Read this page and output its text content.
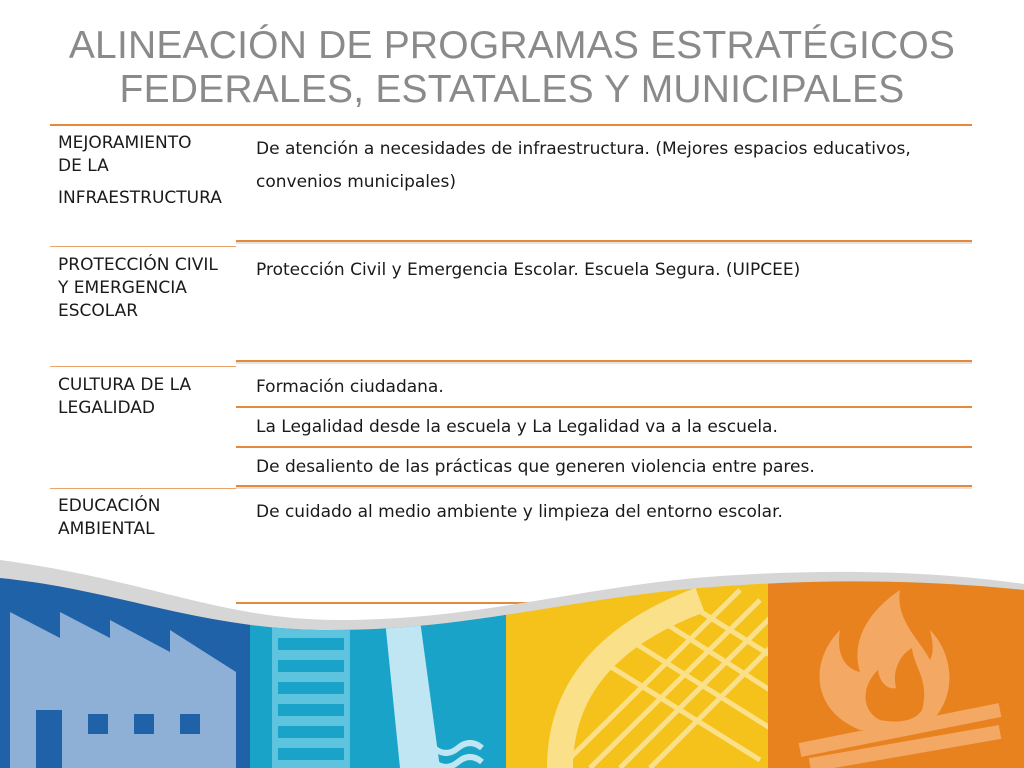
ALINEACIÓN DE PROGRAMAS ESTRATÉGICOS
FEDERALES, ESTATALES Y MUNICIPALES
MEJORAMIENTO
DE LA
INFRAESTRUCTURA
De atención a necesidades de infraestructura. (Mejores espacios educativos, convenios municipales)
PROTECCIÓN CIVIL
Y EMERGENCIA
ESCOLAR
Protección Civil y Emergencia Escolar. Escuela Segura. (UIPCEE)
CULTURA DE LA
LEGALIDAD
Formación ciudadana.
La Legalidad desde la escuela y La Legalidad va a la escuela.
De desaliento de las prácticas que generen violencia entre pares.
EDUCACIÓN
AMBIENTAL
De cuidado al medio ambiente y limpieza del entorno escolar.
